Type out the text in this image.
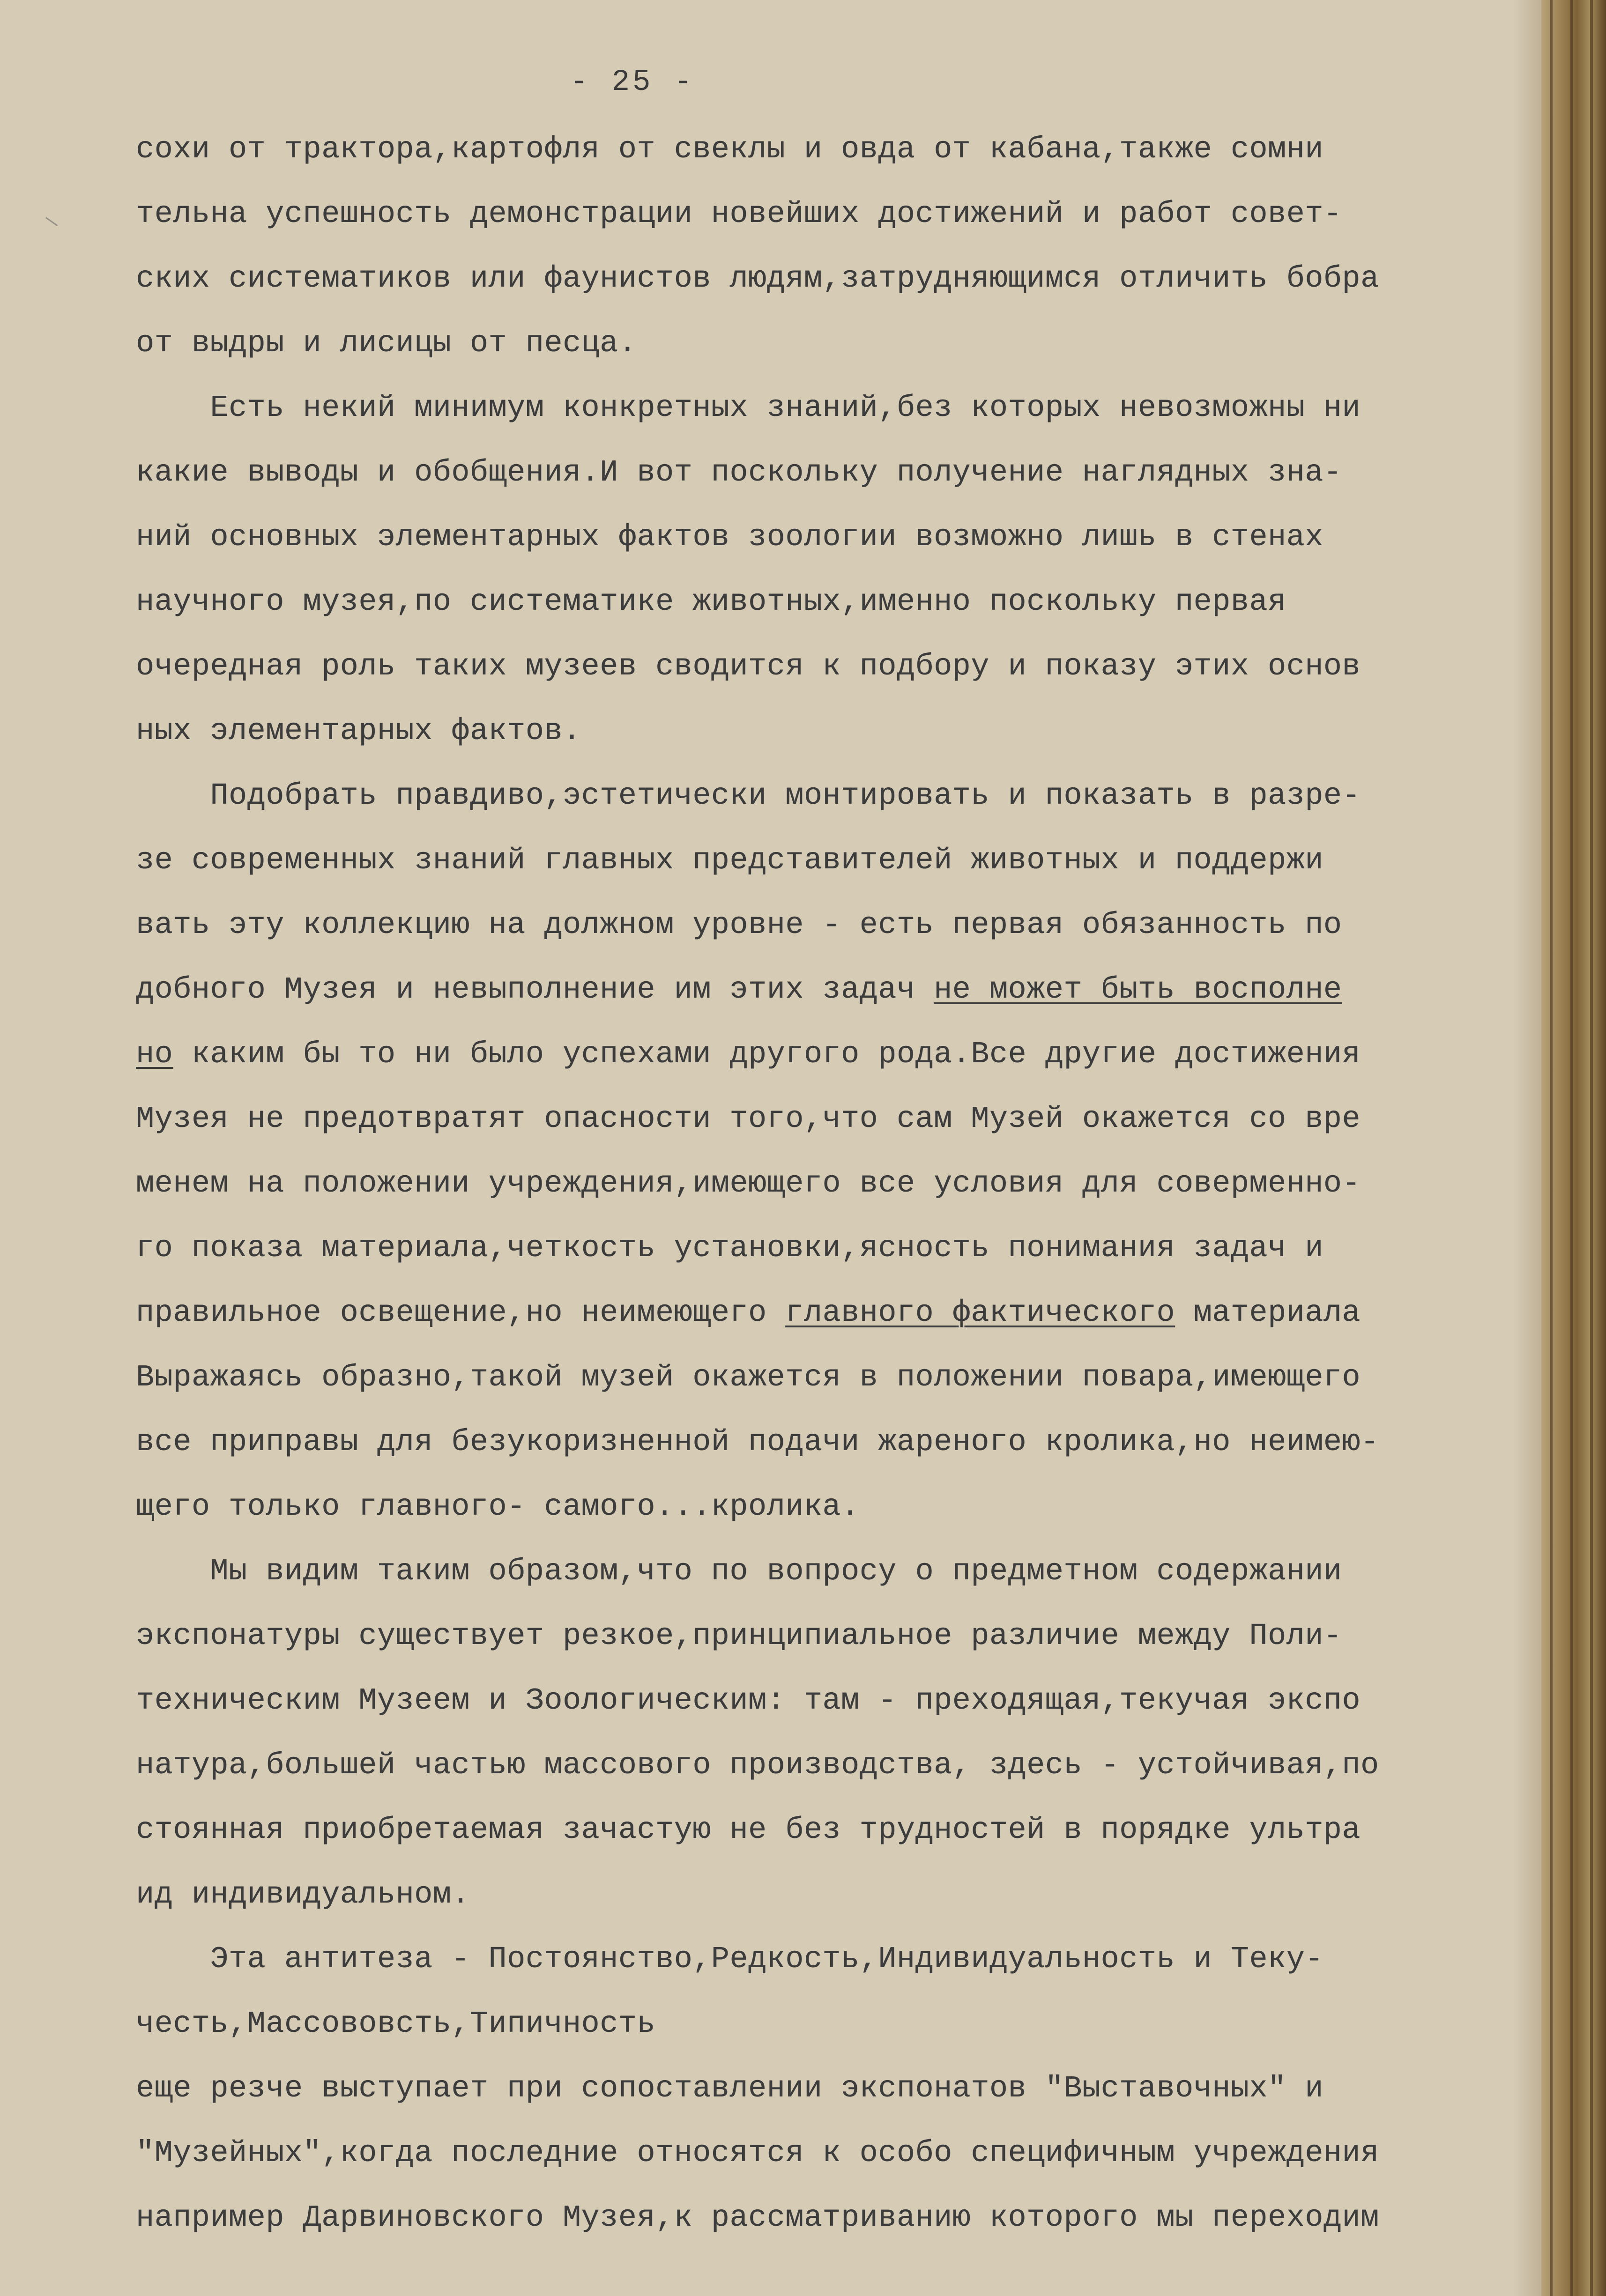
- 25 -
сохи от трактора,картофля от свеклы и овда от кабана,также сомни
тельна успешность демонстрации новейших достижений и работ совет-
ских систематиков или фаунистов людям,затрудняющимся отличить бобра
от выдры и лисицы от песца.
Есть некий минимум конкретных знаний,без которых невозможны ни
какие выводы и обобщения.И вот поскольку получение наглядных зна-
ний основных элементарных фактов зоологии возможно лишь в стенах
научного музея,по систематике животных,именно поскольку первая
очередная роль таких музеев сводится к подбору и показу этих основ
ных элементарных фактов.
Подобрать правдиво,эстетически монтировать и показать в разре-
зе современных знаний главных представителей животных и поддержи
вать эту коллекцию на должном уровне - есть первая обязанность по
добного Музея и невыполнение им этих задач не может быть восполне
но каким бы то ни было успехами другого рода.Все другие достижения
Музея не предотвратят опасности того,что сам Музей окажется со вре
менем на положении учреждения,имеющего все условия для соверменно-
го показа материала,четкость установки,ясность понимания задач и
правильное освещение,но неимеющего главного фактического материала
Выражаясь образно,такой музей окажется в положении повара,имеющего
все приправы для безукоризненной подачи жареного кролика,но неимею-
щего только главного- самого...кролика.
Мы видим таким образом,что по вопросу о предметном содержании
экспонатуры существует резкое,принципиальное различие между Поли-
техническим Музеем и Зоологическим: там - преходящая,текучая экспо
натура,большей частью массового производства, здесь - устойчивая,по
стоянная приобретаемая зачастую не без трудностей в порядке ультра
ид индивидуальном.
Эта антитеза - Постоянство,Редкость,Индивидуальность и Теку-
честь,Массововсть,Типичность
еще резче выступает при сопоставлении экспонатов "Выставочных" и
"Музейных",когда последние относятся к особо специфичным учреждения
например Дарвиновского Музея,к рассматриванию которого мы переходим
